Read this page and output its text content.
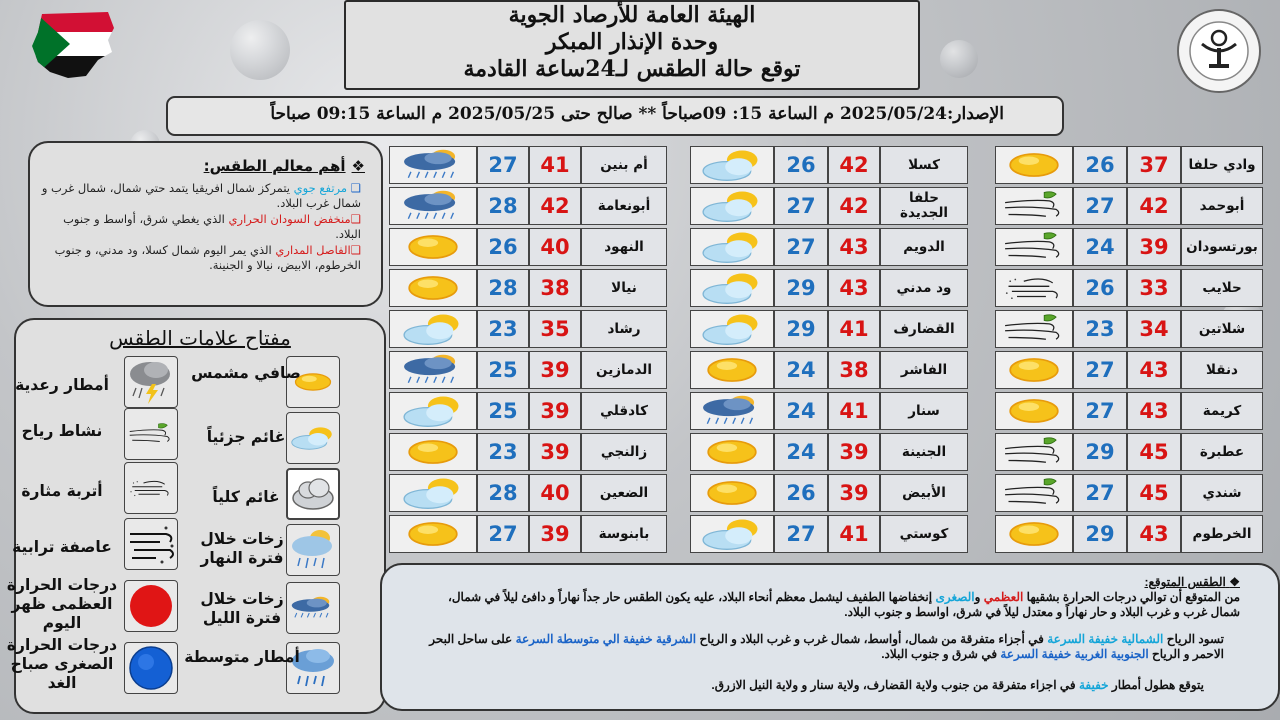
الهيئة العامة للأرصاد الجوية
وحدة الإنذار المبكر
توقع حالة الطقس لـ24ساعة القادمة
الإصدار:2025/05/24 م الساعة 15: 09صباحاً ** صالح حتى 2025/05/25 م الساعة 09:15 صباحاً
❖أهم معالم الطقس:
❑ مرتفع جوي يتمركز شمال افريقيا يتمد حتي شمال، شمال غرب و شمال غرب البلاد.
❑منخفض السودان الحراري الذي يغطي شرق، أواسط و جنوب البلاد.
❑الفاصل المداري الذي يمر اليوم شمال كسلا، ود مدني، و جنوب الخرطوم، الابيض، نيالا و الجنينة.
مفتاح علامات الطقس
صافي مشمس
أمطار رعدية
غائم جزئياً
نشاط رياح
غائم كلياً
أتربة مثارة
زخات خلال فترة النهار
عاصفة ترابية
زخات خلال فترة الليل
درجات الحرارة العظمى ظهر اليوم
أمطار متوسطة
درجات الحرارة الصغرى صباح الغد
26	37	وادي حلفا
27	42	أبوحمد
24	39	بورتسودان
26	33	حلايب
23	34	شلاتين
27	43	دنقلا
27	43	كريمة
29	45	عطبرة
27	45	شندي
29	43	الخرطوم
26	42	كسلا
27	42	حلفا الجديدة
27	43	الدويم
29	43	ود مدني
29	41	القضارف
24	38	الفاشر
24	41	سنار
24	39	الجنينة
26	39	الأبيض
27	41	كوستي
27	41	أم بنين
28	42	أبونعامة
26	40	النهود
28	38	نيالا
23	35	رشاد
25	39	الدمازين
25	39	كادقلي
23	39	زالنجي
28	40	الضعين
27	39	بابنوسة
❖ الطقس المتوقع:
من المتوقع أن توالي درجات الحرارة بشقيها العظمي والصغرى إنخفاضها الطفيف ليشمل معظم أنحاء البلاد، عليه يكون الطقس حار جداً نهاراً و دافئ ليلاً في شمال، شمال غرب و غرب البلاد و حار نهاراً و معتدل ليلاً في شرق، اواسط و جنوب البلاد.
تسود الرياح الشمالية خفيفة السرعة في أجزاء متفرقة من شمال، أواسط، شمال غرب و غرب البلاد و الرياح الشرقية خفيفة الي متوسطة السرعة على ساحل البحر الاحمر و الرياح الجنوبية الغربية خفيفة السرعة في شرق و جنوب البلاد.
يتوقع هطول أمطار خفيفة في اجزاء متفرقة من جنوب ولاية القضارف، ولاية سنار و ولاية النيل الازرق.
